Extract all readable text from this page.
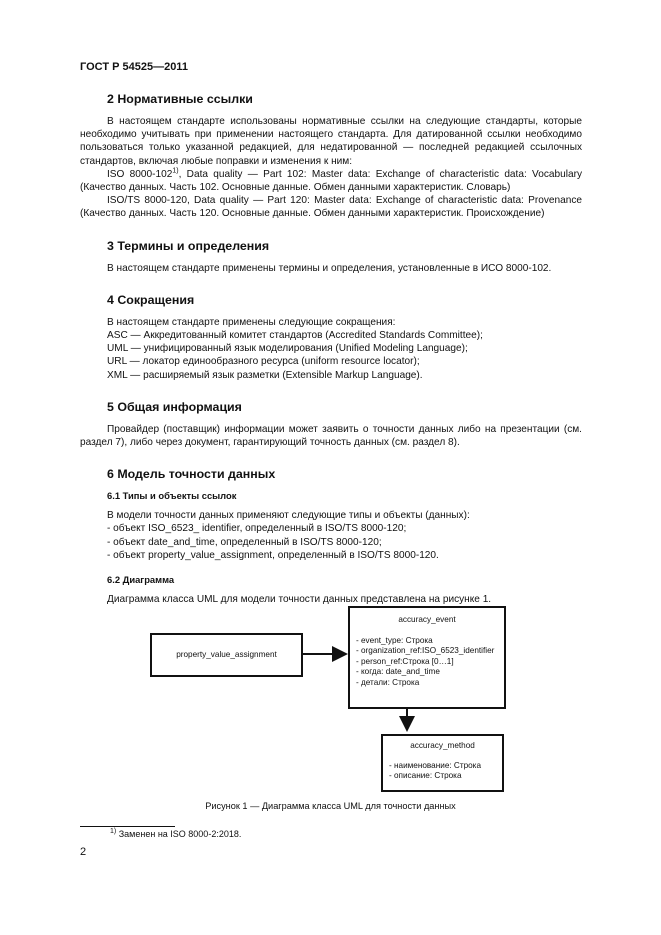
ГОСТ Р 54525—2011
2 Нормативные ссылки

В настоящем стандарте использованы нормативные ссылки на следующие стандарты, которые необходимо учитывать при применении настоящего стандарта. Для датированной ссылки необходимо пользоваться только указанной редакцией, для недатированной — последней редакцией ссылочных стандартов, включая любые поправки и изменения к ним:

ISO 8000-102$^{1)}$, Data quality — Part 102: Master data: Exchange of characteristic data: Vocabulary (Качество данных. Часть 102. Основные данные. Обмен данными характеристик. Словарь)

ISO/TS 8000-120, Data quality — Part 120: Master data: Exchange of characteristic data: Provenance (Качество данных. Часть 120. Основные данные. Обмен данными характеристик. Происхождение)

3 Термины и определения

В настоящем стандарте применены термины и определения, установленные в ИСО 8000-102.

4 Сокращения

В настоящем стандарте применены следующие сокращения:

ASC — Аккредитованный комитет стандартов (Accredited Standards Committee);

UML — унифицированный язык моделирования (Unified Modeling Language);

URL — локатор единообразного ресурса (uniform resource locator);

XML — расширяемый язык разметки (Extensible Markup Language).

5 Общая информация

Провайдер (поставщик) информации может заявить о точности данных либо на презентации (см. раздел 7), либо через документ, гарантирующий точность данных (см. раздел 8).

6 Модель точности данных
6.1 Типы и объекты ссылок

В модели точности данных применяют следующие типы и объекты (данных):

- объект ISO_6523_ identifier, определенный в ISO/TS 8000-120;

- объект date_and_time, определенный в ISO/TS 8000-120;

- объект property_value_assignment, определенный в ISO/TS 8000-120.

6.2 Диаграмма

Диаграмма класса UML для модели точности данных представлена на рисунке 1.

property_value_assignment
accuracy_event
- event_type: Строка
- organization_ref:ISO_6523_identifier
- person_ref:Строка [0…1]
- когда: date_and_time
- детали: Строка
accuracy_method
- наименование: Строка
- описание: Строка
Рисунок 1 — Диаграмма класса UML для точности данных
$^{1)}$ Заменен на ISO 8000-2:2018.
2
